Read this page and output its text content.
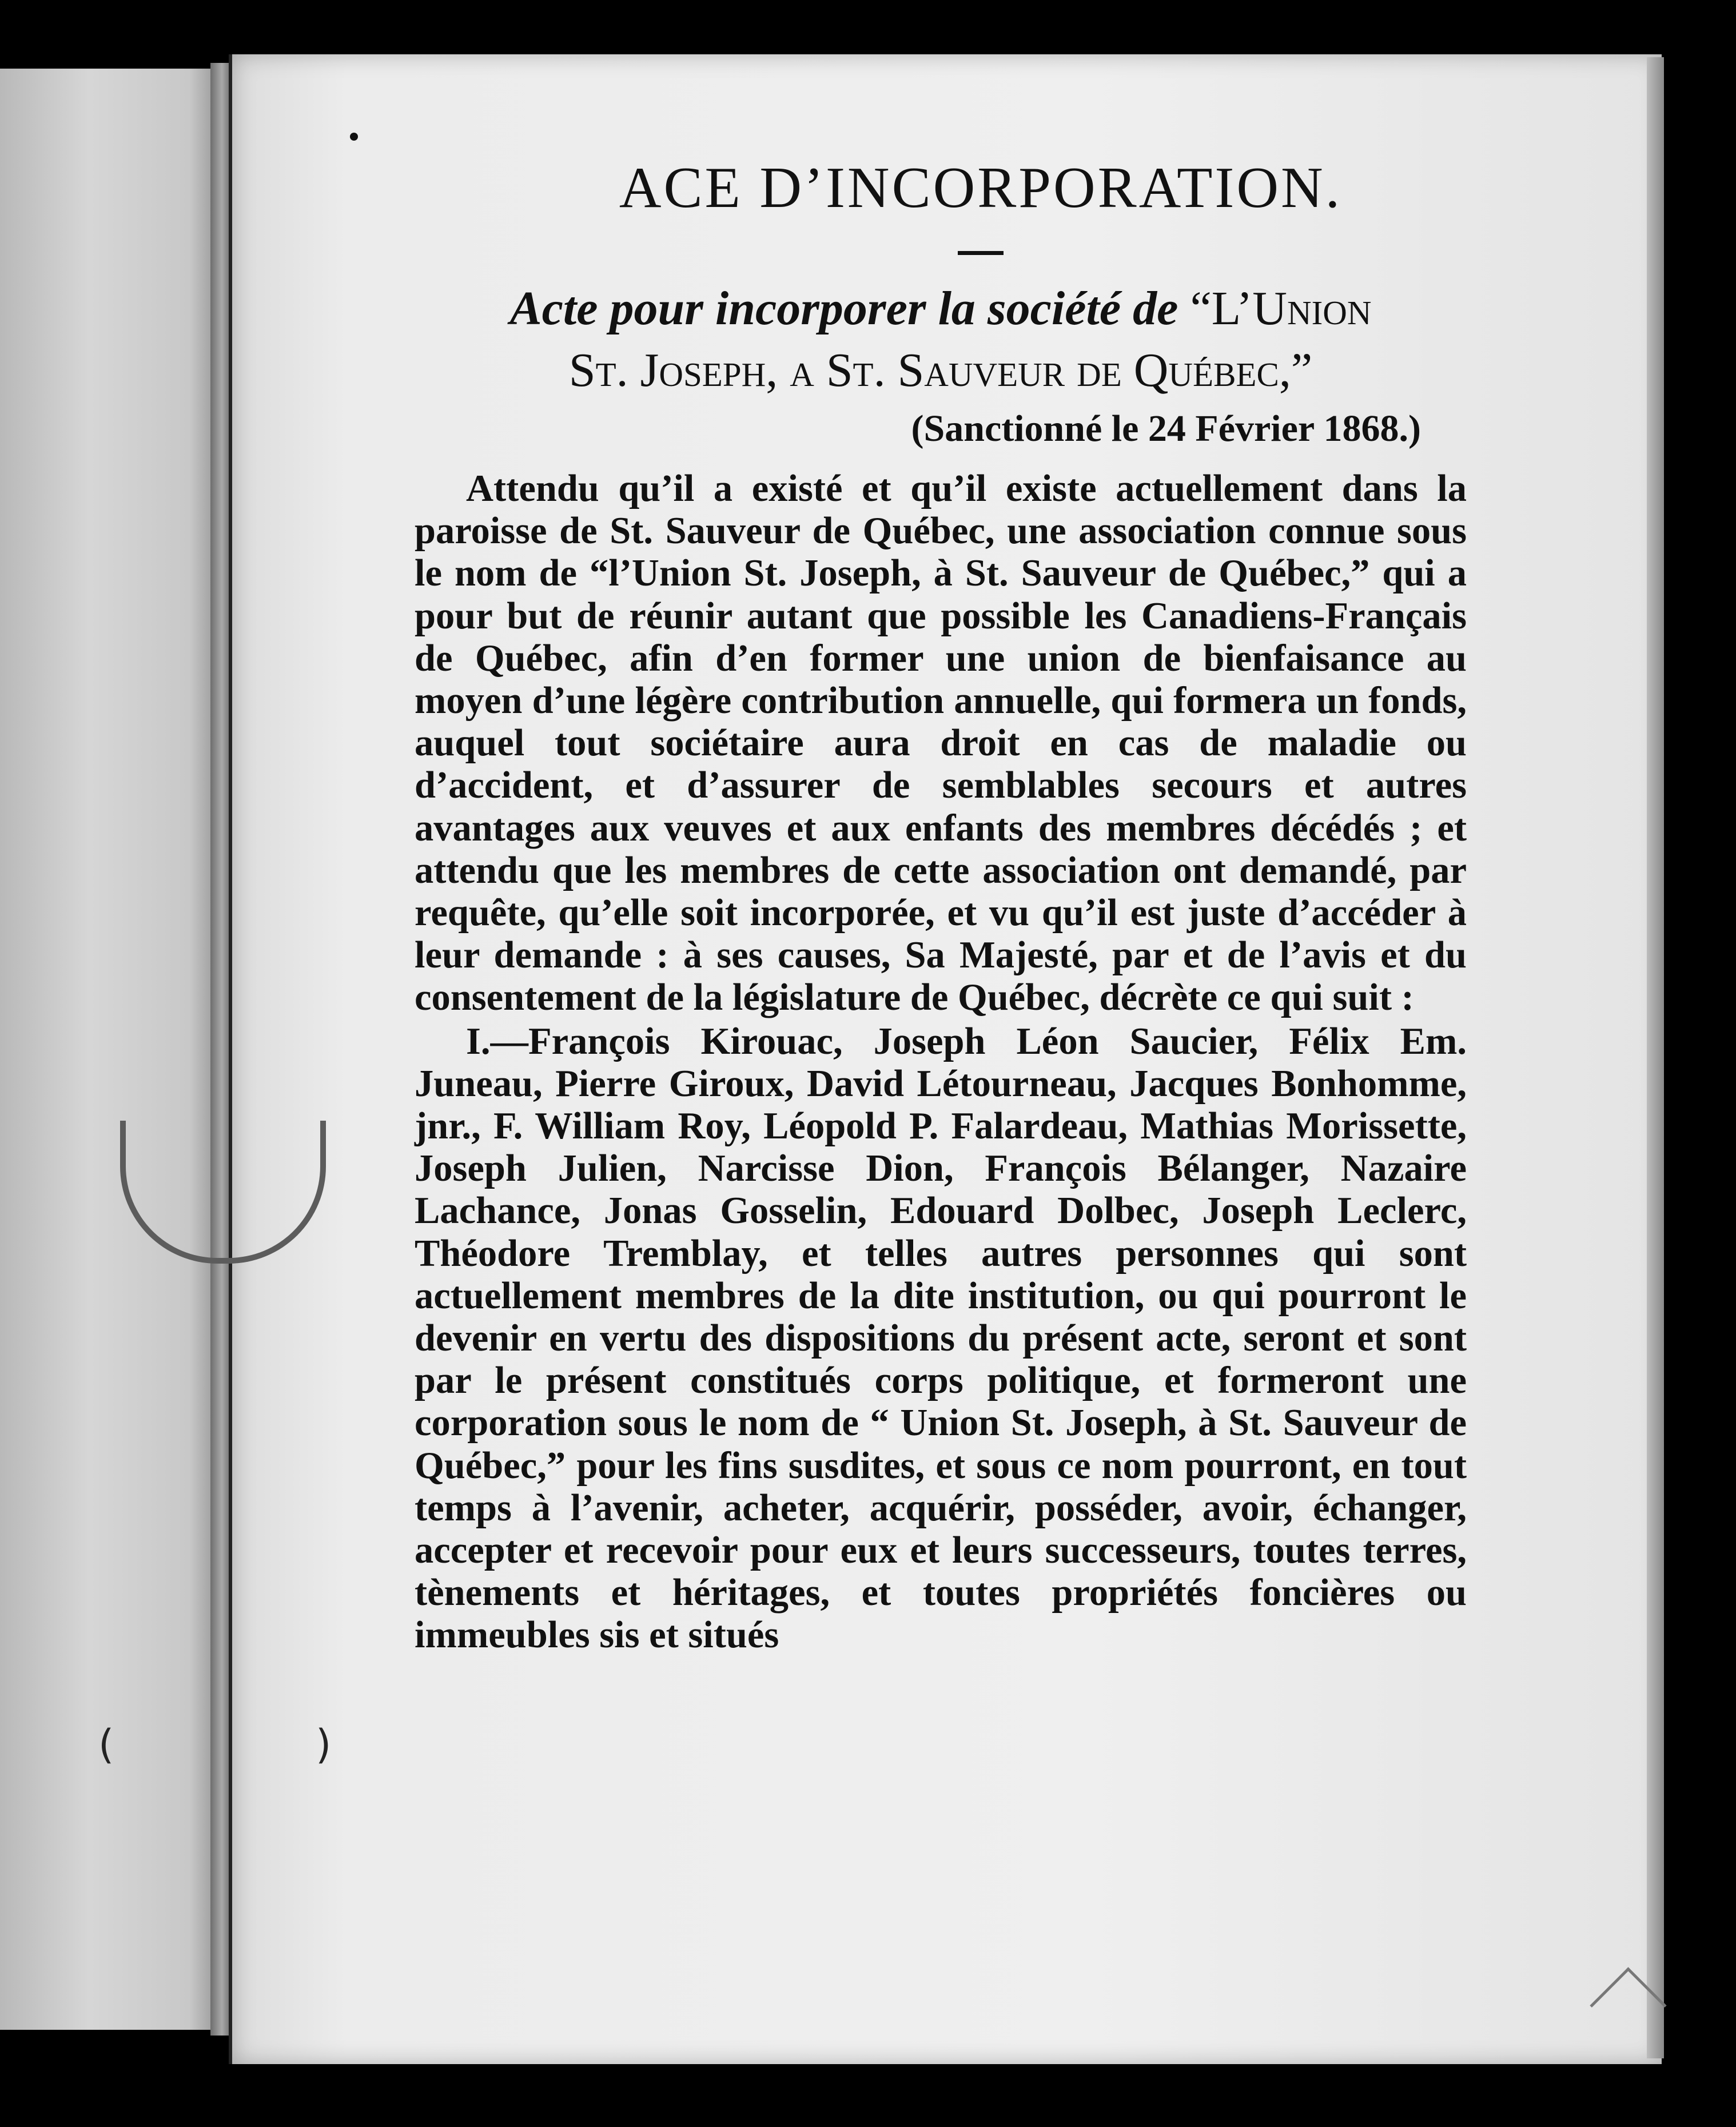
(	)
ACE D’INCORPORATION.

Acte pour incorporer la société de “L’Union
St. Joseph, a St. Sauveur de Québec,”

(Sanctionné le 24 Février 1868.)

Attendu qu’il a existé et qu’il existe actuellement dans la paroisse de St. Sauveur de Québec, une association connue sous le nom de “l’Union St. Joseph, à St. Sauveur de Québec,” qui a pour but de réunir autant que possible les Canadiens-Français de Québec, afin d’en former une union de bienfaisance au moyen d’une légère contribution annuelle, qui formera un fonds, auquel tout sociétaire aura droit en cas de maladie ou d’accident, et d’assurer de semblables secours et autres avantages aux veuves et aux enfants des membres décédés ; et attendu que les membres de cette association ont demandé, par requête, qu’elle soit incorporée, et vu qu’il est juste d’accéder à leur demande : à ses causes, Sa Majesté, par et de l’avis et du consentement de la législature de Québec, décrète ce qui suit :

I.—François Kirouac, Joseph Léon Saucier, Félix Em. Juneau, Pierre Giroux, David Létourneau, Jacques Bonhomme, jnr., F. William Roy, Léopold P. Falardeau, Mathias Morissette, Joseph Julien, Narcisse Dion, François Bélanger, Nazaire Lachance, Jonas Gosselin, Edouard Dolbec, Joseph Leclerc, Théodore Tremblay, et telles autres personnes qui sont actuellement membres de la dite institution, ou qui pourront le devenir en vertu des dispositions du présent acte, seront et sont par le présent constitués corps politique, et formeront une corporation sous le nom de “ Union St. Joseph, à St. Sauveur de Québec,” pour les fins susdites, et sous ce nom pourront, en tout temps à l’avenir, acheter, acquérir, posséder, avoir, échanger, accepter et recevoir pour eux et leurs successeurs, toutes terres, tènements et héritages, et toutes propriétés foncières ou immeubles sis et situés
